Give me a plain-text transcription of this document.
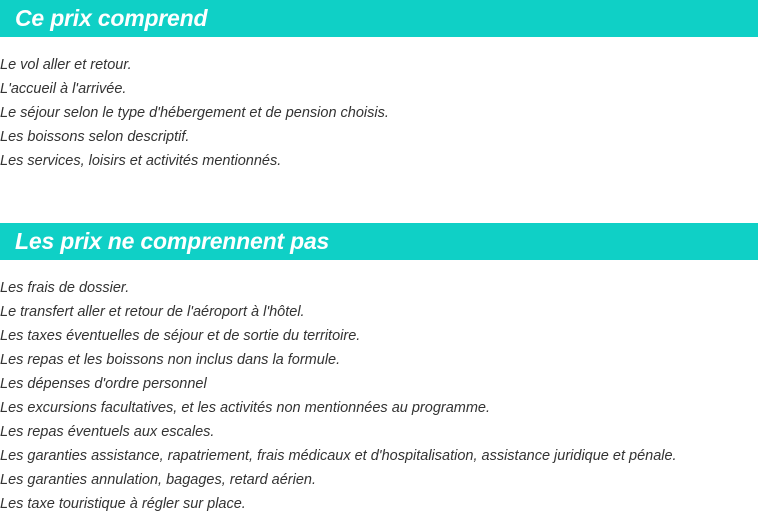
Ce prix comprend
Le vol aller et retour.
L'accueil à l'arrivée.
Le séjour selon le type d'hébergement et de pension choisis.
Les boissons selon descriptif.
Les services, loisirs et activités mentionnés.
Les prix ne comprennent pas
Les frais de dossier.
Le transfert aller et retour de l'aéroport à l'hôtel.
Les taxes éventuelles de séjour et de sortie du territoire.
Les repas et les boissons non inclus dans la formule.
Les dépenses d'ordre personnel
Les excursions facultatives, et les activités non mentionnées au programme.
Les repas éventuels aux escales.
Les garanties assistance, rapatriement, frais médicaux et d'hospitalisation, assistance juridique et pénale.
Les garanties annulation, bagages, retard aérien.
Les taxe touristique à régler sur place.
